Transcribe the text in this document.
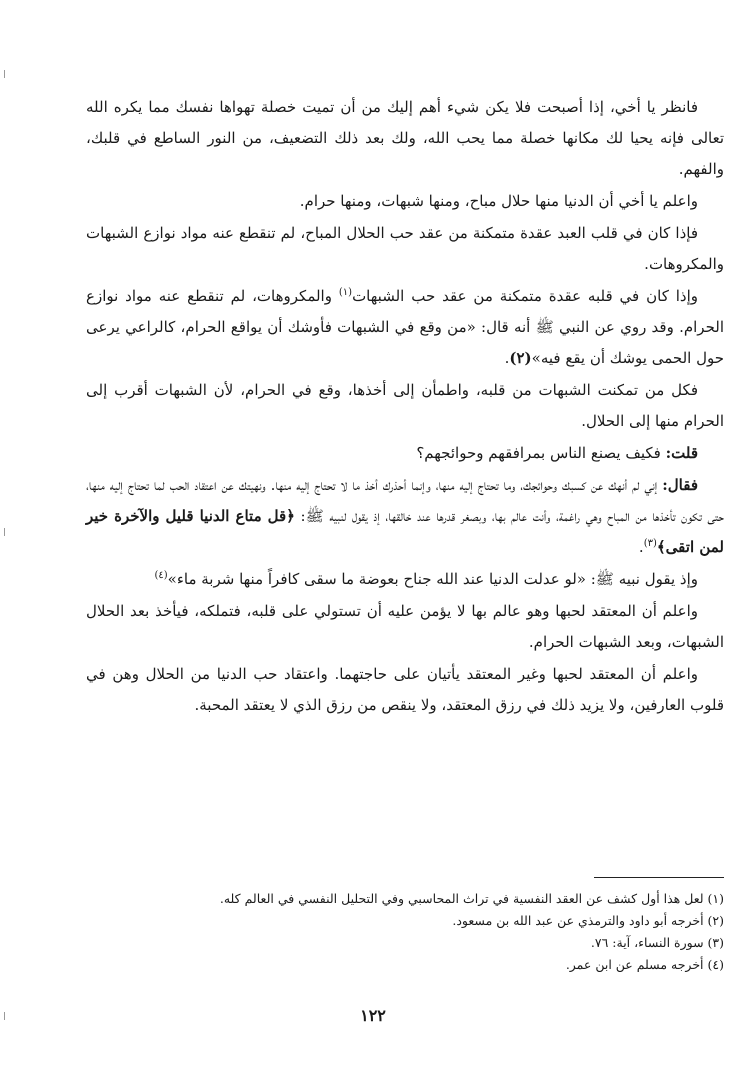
فانظر يا أخي، إذا أصبحت فلا يكن شيء أهم إليك من أن تميت خصلة تهواها نفسك مما يكره الله تعالى فإنه يحيا لك مكانها خصلة مما يحب الله، ولك بعد ذلك التضعيف، من النور الساطع في قلبك، والفهم.

واعلم يا أخي أن الدنيا منها حلال مباح، ومنها شبهات، ومنها حرام.

فإذا كان في قلب العبد عقدة متمكنة من عقد حب الحلال المباح، لم تنقطع عنه مواد نوازع الشبهات والمكروهات.

وإذا كان في قلبه عقدة متمكنة من عقد حب الشبهات$^{(١)}$ والمكروهات، لم تنقطع عنه مواد نوازع الحرام. وقد روي عن النبي ﷺ أنه قال: «من وقع في الشبهات فأوشك أن يواقع الحرام، كالراعي يرعى حول الحمى يوشك أن يقع فيه»(٢).

فكل من تمكنت الشبهات من قلبه، واطمأن إلى أخذها، وقع في الحرام، لأن الشبهات أقرب إلى الحرام منها إلى الحلال.

قلت: فكيف يصنع الناس بمرافقهم وحوائجهم؟

فقال: إني لم أنهك عن كسبك وحوائجك، وما تحتاج إليه منها، وإنما أحذرك أخذ ما لا تحتاج إليه منها. ونهيتك عن اعتقاد الحب لما تحتاج إليه منها، حتى تكون تأخذها من المباح وهي راغمة، وأنت عالم بها، وبصغر قدرها عند خالقها، إذ يقول لنبيه ﷺ: ﴿قل متاع الدنيا قليل والآخرة خير لمن اتقى﴾$^{(٣)}$.

وإذ يقول نبيه ﷺ: «لو عدلت الدنيا عند الله جناح بعوضة ما سقى كافراً منها شربة ماء»$^{(٤)}$

واعلم أن المعتقد لحبها وهو عالم بها لا يؤمن عليه أن تستولي على قلبه، فتملكه، فيأخذ بعد الحلال الشبهات، وبعد الشبهات الحرام.

واعلم أن المعتقد لحبها وغير المعتقد يأتيان على حاجتهما. واعتقاد حب الدنيا من الحلال وهن في قلوب العارفين، ولا يزيد ذلك في رزق المعتقد، ولا ينقص من رزق الذي لا يعتقد المحبة.

(١) لعل هذا أول كشف عن العقد النفسية في تراث المحاسبي وفي التحليل النفسي في العالم كله.

(٢) أخرجه أبو داود والترمذي عن عبد الله بن مسعود.

(٣) سورة النساء، آية: ٧٦.

(٤) أخرجه مسلم عن ابن عمر.

١٢٢
